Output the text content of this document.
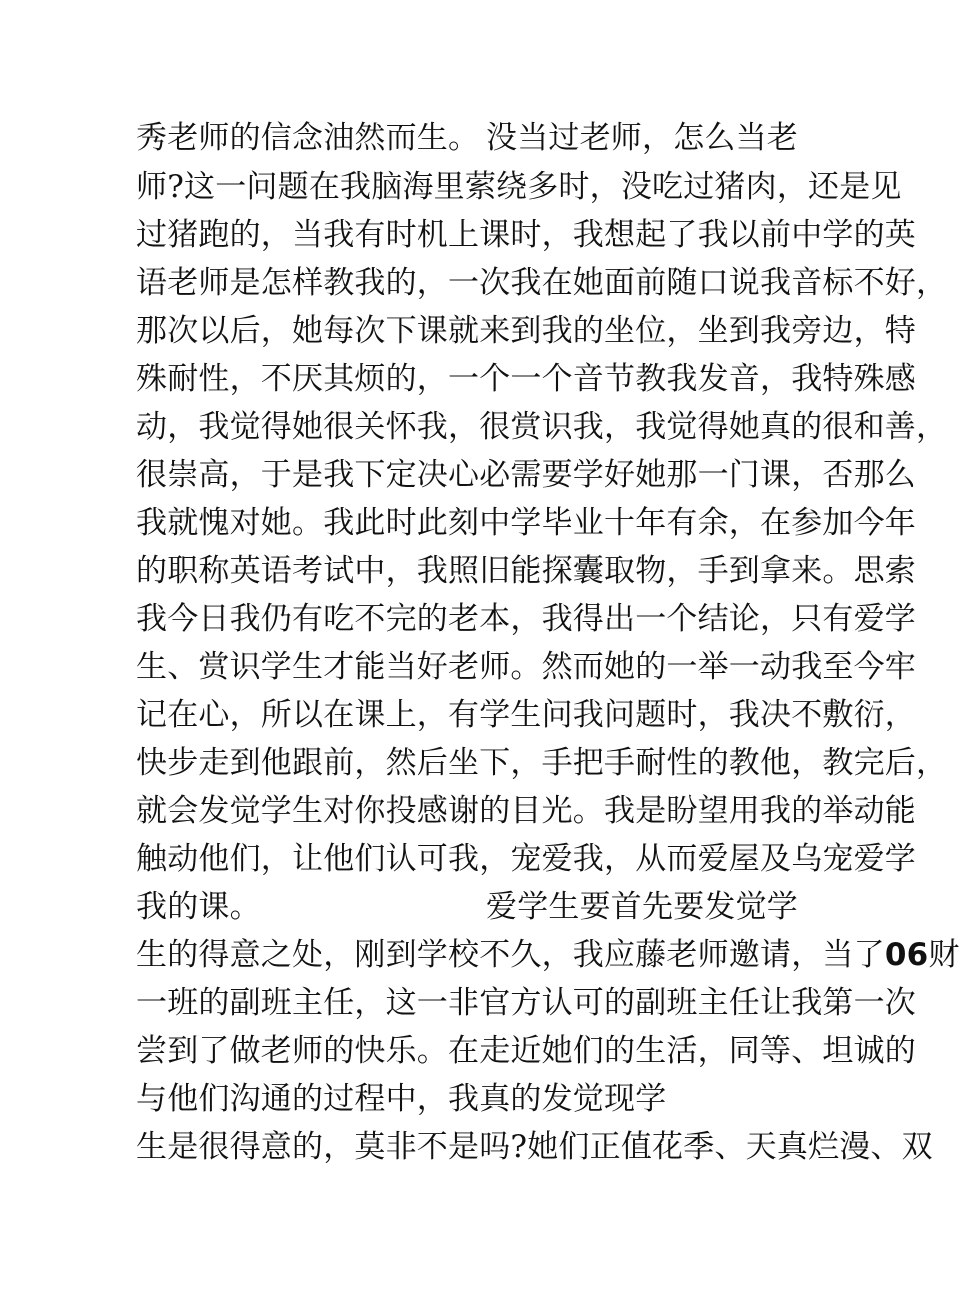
秀老师的信念油然而生。 没当过老师，怎么当老
师?这一问题在我脑海里萦绕多时，没吃过猪肉，还是见
过猪跑的，当我有时机上课时，我想起了我以前中学的英
语老师是怎样教我的，一次我在她面前随口说我音标不好，
那次以后，她每次下课就来到我的坐位，坐到我旁边，特
殊耐性，不厌其烦的，一个一个音节教我发音，我特殊感
动，我觉得她很关怀我，很赏识我，我觉得她真的很和善，
很崇高，于是我下定决心必需要学好她那一门课，否那么
我就愧对她。我此时此刻中学毕业十年有余，在参加今年
的职称英语考试中，我照旧能探囊取物，手到拿来。思索
我今日我仍有吃不完的老本，我得出一个结论，只有爱学
生、赏识学生才能当好老师。然而她的一举一动我至今牢
记在心，所以在课上，有学生问我问题时，我决不敷衍，
快步走到他跟前，然后坐下，手把手耐性的教他，教完后，
就会发觉学生对你投感谢的目光。我是盼望用我的举动能
触动他们，让他们认可我，宠爱我，从而爱屋及乌宠爱学
我的课。	爱学生要首先要发觉学
生的得意之处，刚到学校不久，我应藤老师邀请，当了06财
一班的副班主任，这一非官方认可的副班主任让我第一次
尝到了做老师的快乐。在走近她们的生活，同等、坦诚的
与他们沟通的过程中，我真的发觉现学
生是很得意的，莫非不是吗?她们正值花季、天真烂漫、双
